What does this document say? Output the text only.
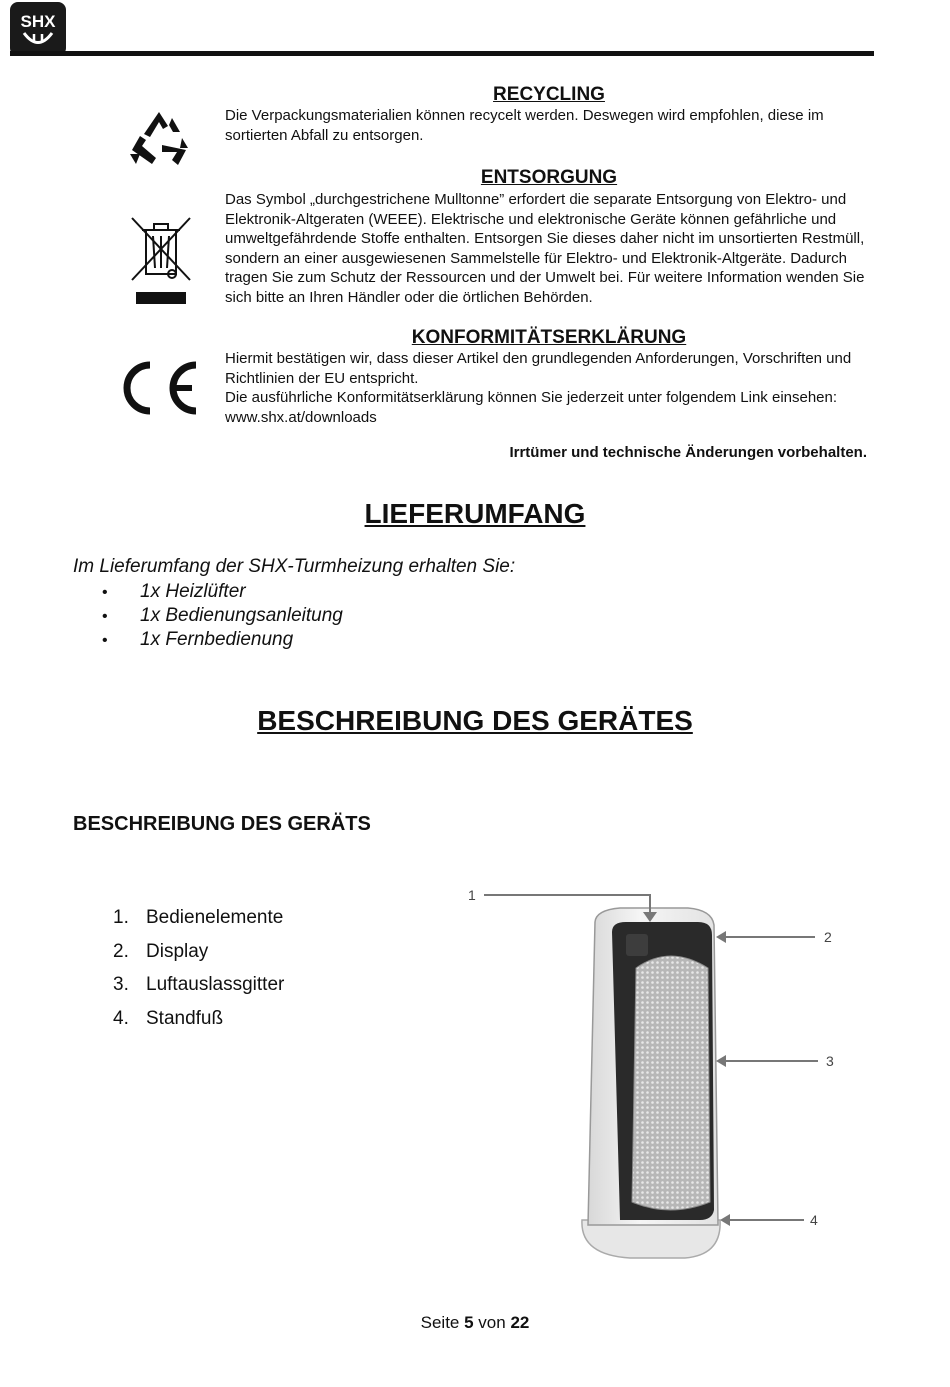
SHX
RECYCLING

Die Verpackungsmaterialien können recycelt werden. Deswegen wird empfohlen, diese im sortierten Abfall zu entsorgen.

ENTSORGUNG

Das Symbol „durchgestrichene Mulltonne” erfordert die separate Entsorgung von Elektro- und Elektronik-Altgeraten (WEEE). Elektrische und elektronische Geräte können gefährliche und umweltgefährdende Stoffe enthalten. Entsorgen Sie dieses daher nicht im unsortierten Restmüll, sondern an einer ausgewiesenen Sammelstelle für Elektro- und Elektronik-Altgeräte. Dadurch tragen Sie zum Schutz der Ressourcen und der Umwelt bei. Für weitere Information wenden Sie sich bitte an Ihren Händler oder die örtlichen Behörden.

KONFORMITÄTSERKLÄRUNG

Hiermit bestätigen wir, dass dieser Artikel den grundlegenden Anforderungen, Vorschriften und Richtlinien der EU entspricht.

Die ausführliche Konformitätserklärung können Sie jederzeit unter folgendem Link einsehen: www.shx.at/downloads

Irrtümer und technische Änderungen vorbehalten.
LIEFERUMFANG
Im Lieferumfang der SHX-Turmheizung erhalten Sie:
• 1x Heizlüfter
• 1x Bedienungsanleitung
• 1x Fernbedienung
BESCHREIBUNG DES GERÄTES
BESCHREIBUNG DES GERÄTS
1. Bedienelemente
2. Display
3. Luftauslassgitter
4. Standfuß
1
2
3
4
Seite 5 von 22
